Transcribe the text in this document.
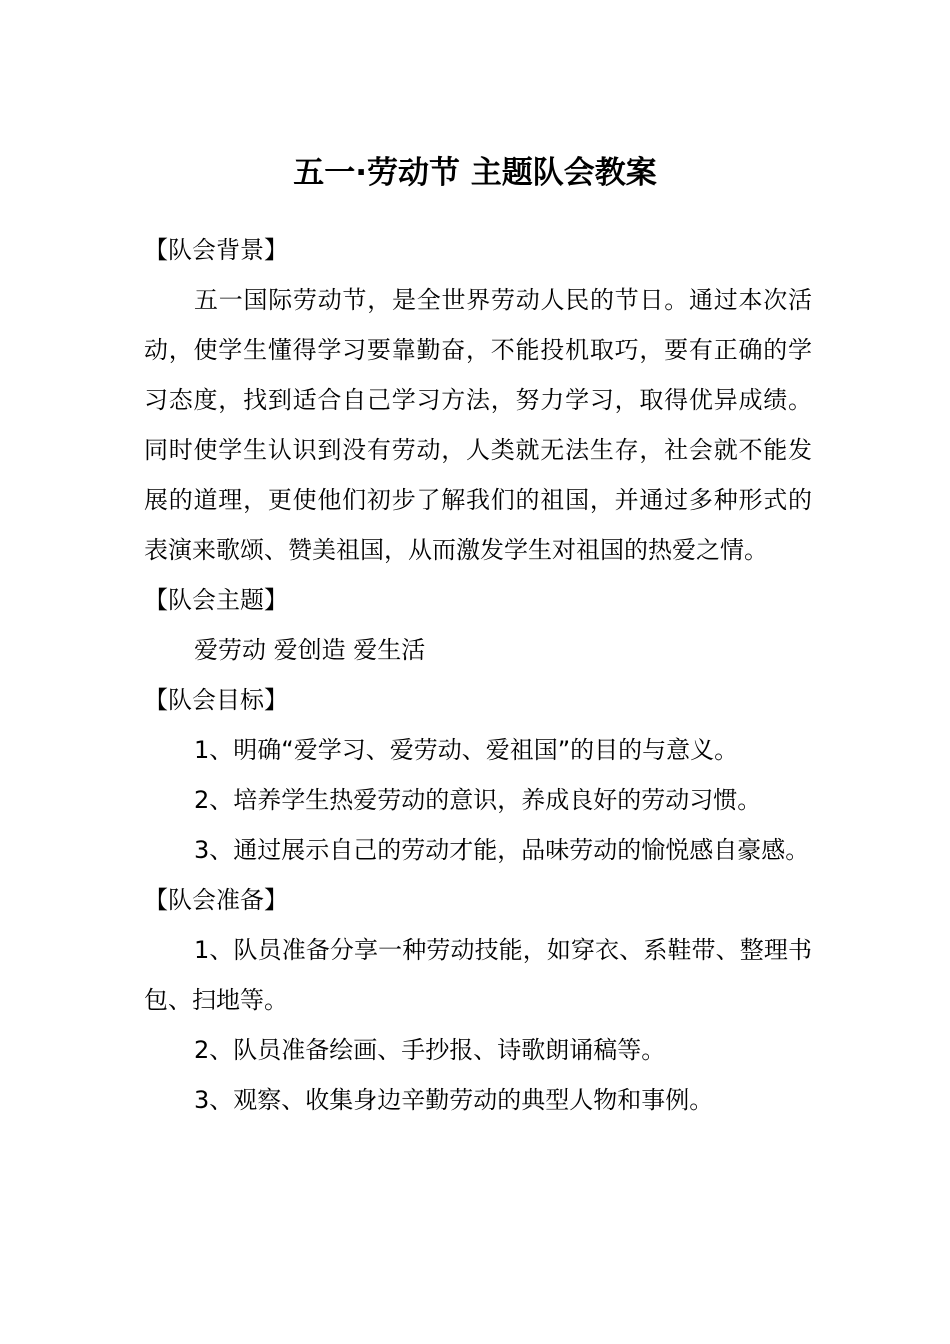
五一·劳动节 主题队会教案

【队会背景】

五一国际劳动节，是全世界劳动人民的节日。通过本次活动，使学生懂得学习要靠勤奋，不能投机取巧，要有正确的学习态度，找到适合自己学习方法，努力学习，取得优异成绩。同时使学生认识到没有劳动，人类就无法生存，社会就不能发展的道理，更使他们初步了解我们的祖国，并通过多种形式的表演来歌颂、赞美祖国，从而激发学生对祖国的热爱之情。

【队会主题】

爱劳动 爱创造 爱生活

【队会目标】

1、明确“爱学习、爱劳动、爱祖国”的目的与意义。

2、培养学生热爱劳动的意识，养成良好的劳动习惯。

3、通过展示自己的劳动才能，品味劳动的愉悦感自豪感。

【队会准备】

1、队员准备分享一种劳动技能，如穿衣、系鞋带、整理书包、扫地等。

2、队员准备绘画、手抄报、诗歌朗诵稿等。

3、观察、收集身边辛勤劳动的典型人物和事例。
